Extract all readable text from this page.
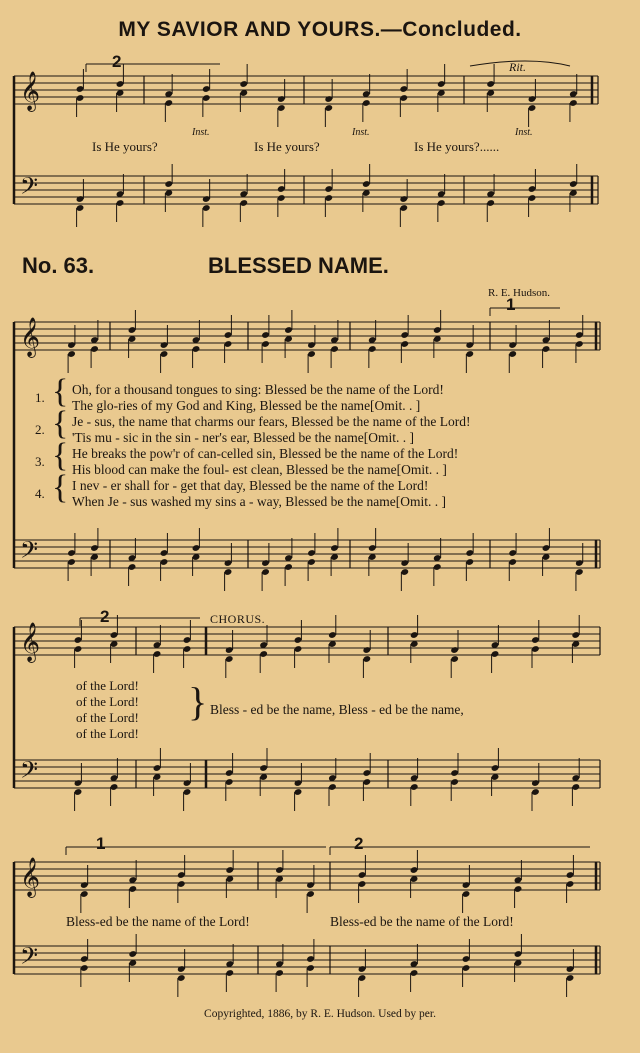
MY SAVIOR AND YOURS.—Concluded.
No. 63.	BLESSED NAME.
R. E. Hudson.
𝄞
𝄢
𝄞
𝄢
𝄞
𝄢
𝄞
𝄢
Inst.	Inst.	Inst.
Rit.
2
Is He yours?	Is He yours?	Is He yours?......
1
1. { Oh, for a thousand tongues to sing: Blessed be the name of the Lord!
The glo-ries of my God and King, Blessed be the name[Omit. . ]
2. { Je - sus, the name that charms our fears, Blessed be the name of the Lord!
'Tis mu - sic in the sin - ner's ear, Blessed be the name[Omit. . ]
3. { He breaks the pow'r of can-celled sin, Blessed be the name of the Lord!
His blood can make the foul- est clean, Blessed be the name[Omit. . ]
4. { I nev - er shall for - get that day, Blessed be the name of the Lord!
When Je - sus washed my sins a - way, Blessed be the name[Omit. . ]
2	CHORUS.
of the Lord!
of the Lord!
of the Lord!
of the Lord!
} Bless - ed be the name, Bless - ed be the name,
1	2
Bless-ed be the name of the Lord!	Bless-ed be the name of the Lord!
Copyrighted, 1886, by R. E. Hudson. Used by per.
